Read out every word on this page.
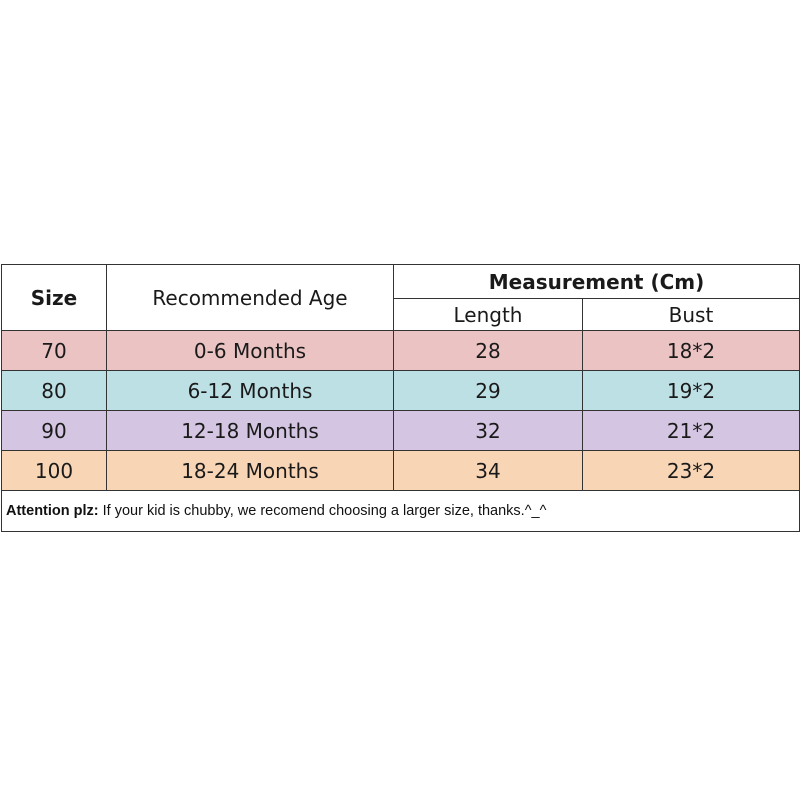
Size	Recommended Age	Measurement (Cm)	
		Length	Bust
70	0-6 Months	28	18*2
80	6-12 Months	29	19*2
90	12-18 Months	32	21*2
100	18-24 Months	34	23*2
Attention plz: If your kid is chubby, we recomend choosing a larger size, thanks.^_^			
